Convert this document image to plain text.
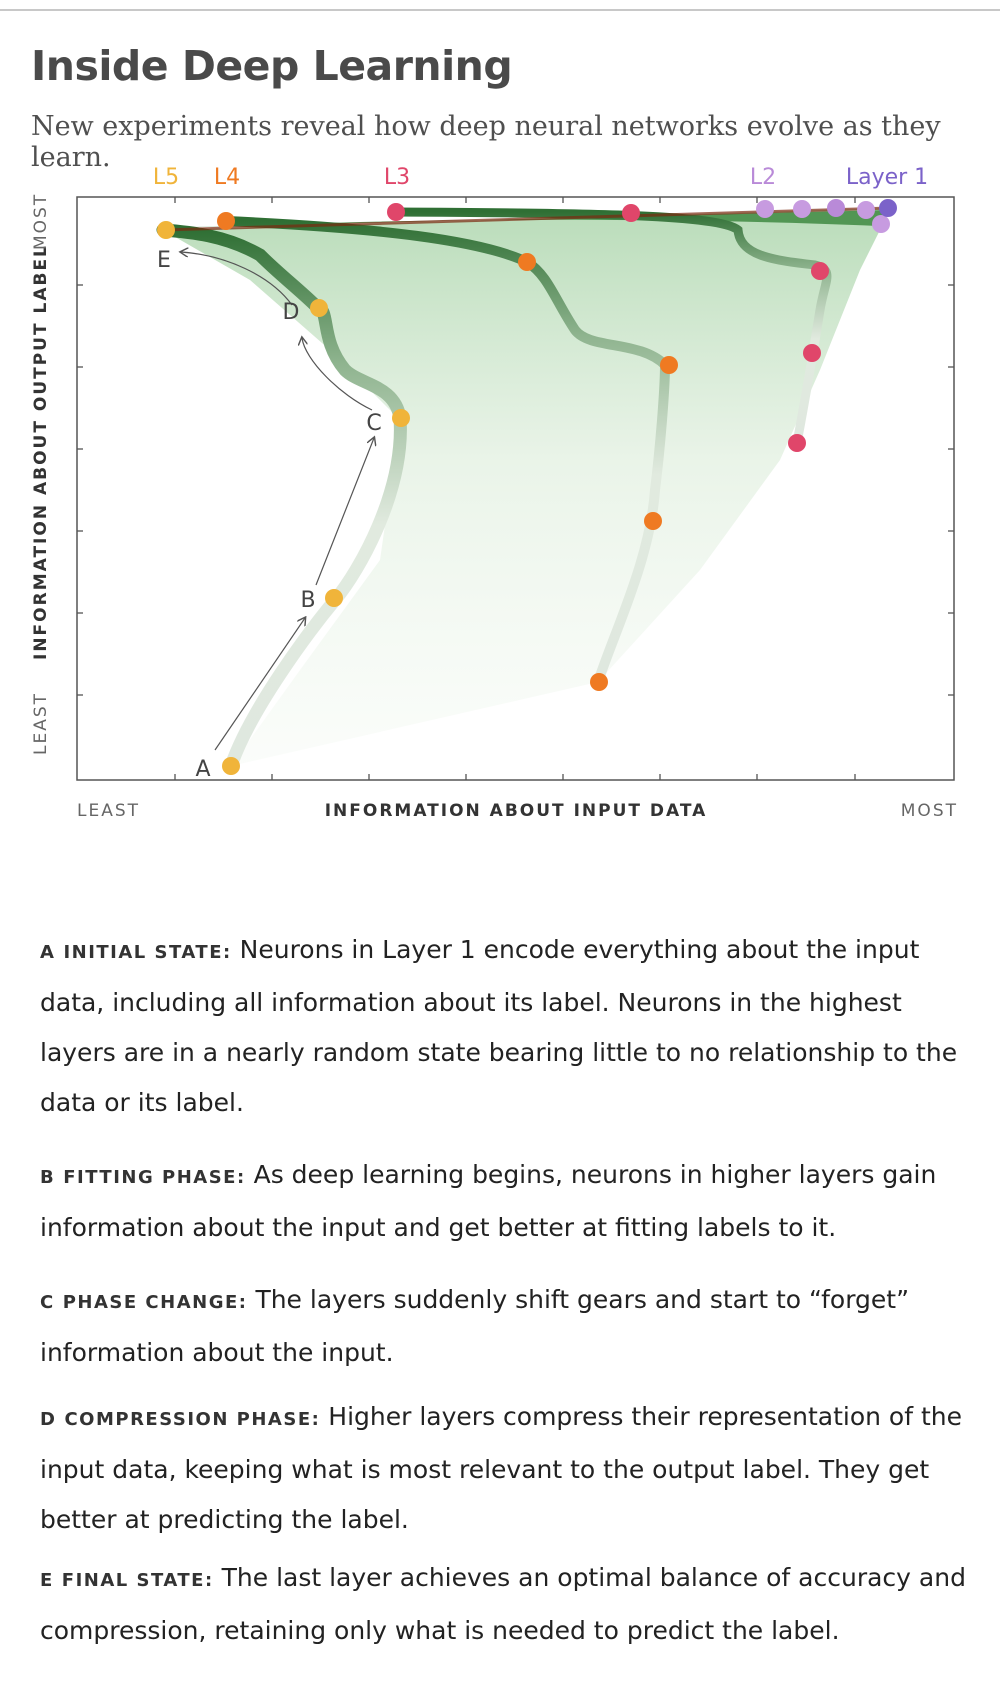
Inside Deep Learning
New experiments reveal how deep neural networks evolve as they learn.
L5 L4	L3	L2	Layer 1
A
B
C
D
E
LEAST
INFORMATION ABOUT OUTPUT LABEL
MOST
LEAST	INFORMATION ABOUT INPUT DATA	MOST
A INITIAL STATE: Neurons in Layer 1 encode everything about the input data, including all information about its label. Neurons in the highest layers are in a nearly random state bearing little to no relationship to the data or its label.
B FITTING PHASE: As deep learning begins, neurons in higher layers gain information about the input and get better at fitting labels to it.
C PHASE CHANGE: The layers suddenly shift gears and start to “forget” information about the input.
D COMPRESSION PHASE: Higher layers compress their representation of the input data, keeping what is most relevant to the output label. They get better at predicting the label.
E FINAL STATE: The last layer achieves an optimal balance of accuracy and compression, retaining only what is needed to predict the label.
